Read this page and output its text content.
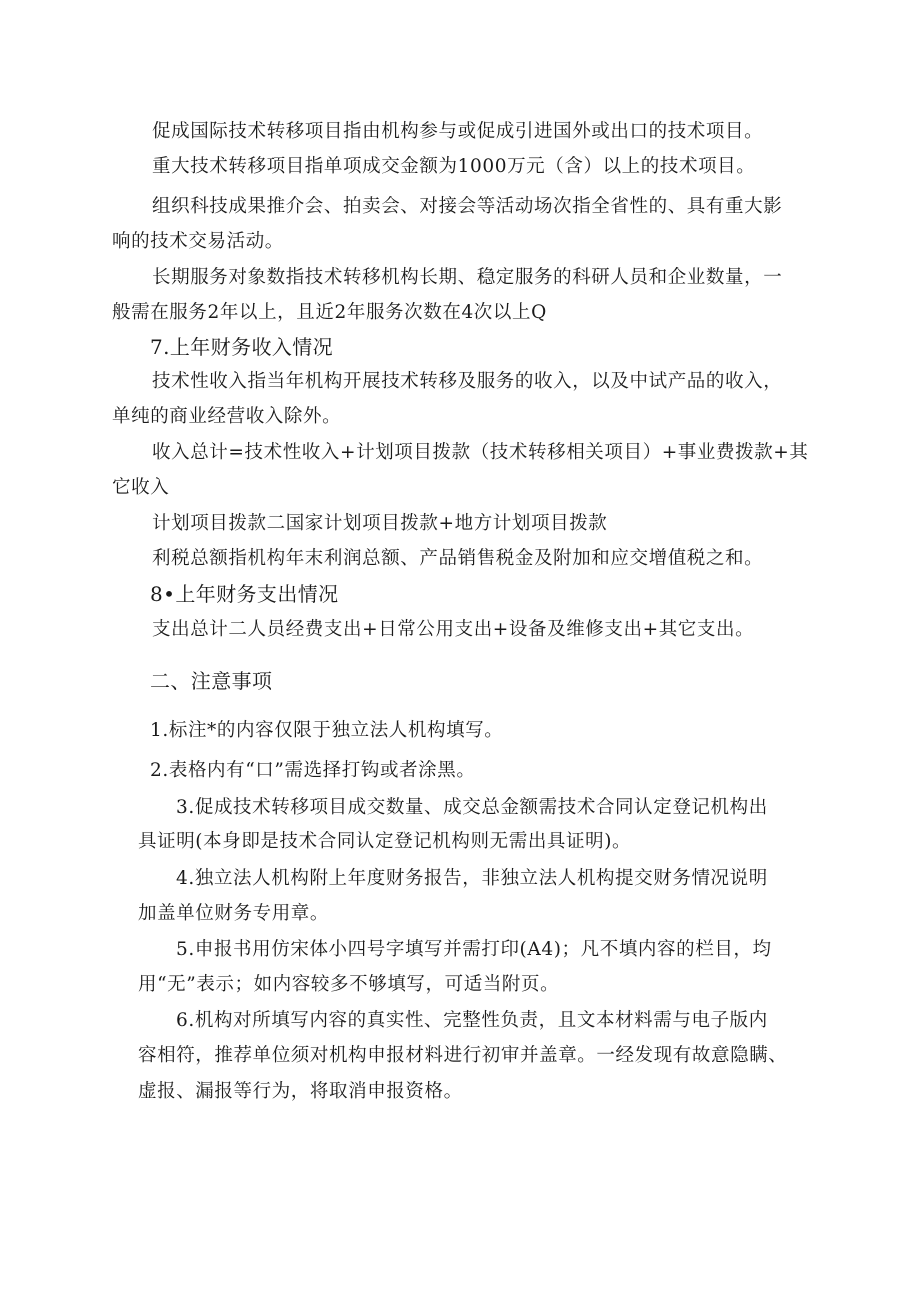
促成国际技术转移项目指由机构参与或促成引进国外或出口的技术项目。

重大技术转移项目指单项成交金额为1000万元（含）以上的技术项目。

组织科技成果推介会、拍卖会、对接会等活动场次指全省性的、具有重大影

响的技术交易活动。

长期服务对象数指技术转移机构长期、稳定服务的科研人员和企业数量，一

般需在服务2年以上，且近2年服务次数在4次以上Q

7.上年财务收入情况

技术性收入指当年机构开展技术转移及服务的收入，以及中试产品的收入，

单纯的商业经营收入除外。

收入总计=技术性收入+计划项目拨款（技术转移相关项目）+事业费拨款+其

它收入

计划项目拨款二国家计划项目拨款+地方计划项目拨款

利税总额指机构年末利润总额、产品销售税金及附加和应交增值税之和。

8•上年财务支出情况

支出总计二人员经费支出+日常公用支出+设备及维修支出+其它支出。

二、注意事项

1.标注*的内容仅限于独立法人机构填写。

2.表格内有“口”需选择打钩或者涂黑。

3.促成技术转移项目成交数量、成交总金额需技术合同认定登记机构出

具证明(本身即是技术合同认定登记机构则无需出具证明)。

4.独立法人机构附上年度财务报告，非独立法人机构提交财务情况说明

加盖单位财务专用章。

5.申报书用仿宋体小四号字填写并需打印(A4)；凡不填内容的栏目，均

用“无”表示；如内容较多不够填写，可适当附页。

6.机构对所填写内容的真实性、完整性负责，且文本材料需与电子版内

容相符，推荐单位须对机构申报材料进行初审并盖章。一经发现有故意隐瞒、

虚报、漏报等行为，将取消申报资格。
